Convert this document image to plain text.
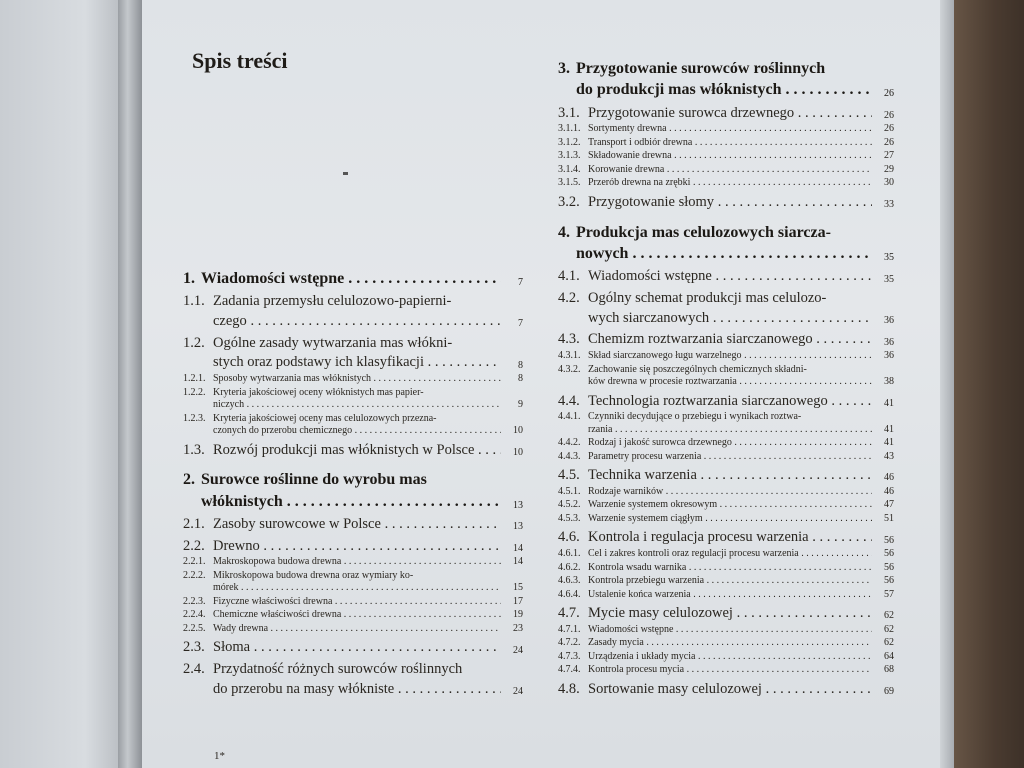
Spis treści
1. Wiadomości wstępne . . .	7
1.1. Zadania przemysłu celulozowo-papierni-
czego . . .	7
1.2. Ogólne zasady wytwarzania mas włókni-
stych oraz podstawy ich klasyfikacji . . .	8
1.2.1. Sposoby wytwarzania mas włóknistych . . .	8
1.2.2. Kryteria jakościowej oceny włóknistych mas papier-
niczych . . .	9
1.2.3. Kryteria jakościowej oceny mas celulozowych przezna-
czonych do przerobu chemicznego . . .	10
1.3. Rozwój produkcji mas włóknistych w Polsce . . .	10
2. Surowce roślinne do wyrobu mas
włóknistych . . .	13
2.1. Zasoby surowcowe w Polsce . . .	13
2.2. Drewno . . .	14
2.2.1. Makroskopowa budowa drewna . . .	14
2.2.2. Mikroskopowa budowa drewna oraz wymiary ko-
mórek . . .	15
2.2.3. Fizyczne właściwości drewna . . .	17
2.2.4. Chemiczne właściwości drewna . . .	19
2.2.5. Wady drewna . . .	23
2.3. Słoma . . .	24
2.4. Przydatność różnych surowców roślinnych
do przerobu na masy włókniste . . .	24
3. Przygotowanie surowców roślinnych
do produkcji mas włóknistych . . .	26
3.1. Przygotowanie surowca drzewnego . . .	26
3.1.1. Sortymenty drewna . . .	26
3.1.2. Transport i odbiór drewna . . .	26
3.1.3. Składowanie drewna . . .	27
3.1.4. Korowanie drewna . . .	29
3.1.5. Przerób drewna na zrębki . . .	30
3.2. Przygotowanie słomy . . .	33
4. Produkcja mas celulozowych siarcza-
nowych . . .	35
4.1. Wiadomości wstępne . . .	35
4.2. Ogólny schemat produkcji mas celulozo-
wych siarczanowych . . .	36
4.3. Chemizm roztwarzania siarczanowego . . .	36
4.3.1. Skład siarczanowego ługu warzelnego . . .	36
4.3.2. Zachowanie się poszczególnych chemicznych składni-
ków drewna w procesie roztwarzania . . .	38
4.4. Technologia roztwarzania siarczanowego . . .	41
4.4.1. Czynniki decydujące o przebiegu i wynikach roztwa-
rzania . . .	41
4.4.2. Rodzaj i jakość surowca drzewnego . . .	41
4.4.3. Parametry procesu warzenia . . .	43
4.5. Technika warzenia . . .	46
4.5.1. Rodzaje warników . . .	46
4.5.2. Warzenie systemem okresowym . . .	47
4.5.3. Warzenie systemem ciągłym . . .	51
4.6. Kontrola i regulacja procesu warzenia . . .	56
4.6.1. Cel i zakres kontroli oraz regulacji procesu warzenia . . .	56
4.6.2. Kontrola wsadu warnika . . .	56
4.6.3. Kontrola przebiegu warzenia . . .	56
4.6.4. Ustalenie końca warzenia . . .	57
4.7. Mycie masy celulozowej . . .	62
4.7.1. Wiadomości wstępne . . .	62
4.7.2. Zasady mycia . . .	62
4.7.3. Urządzenia i układy mycia . . .	64
4.7.4. Kontrola procesu mycia . . .	68
4.8. Sortowanie masy celulozowej . . .	69
1*
